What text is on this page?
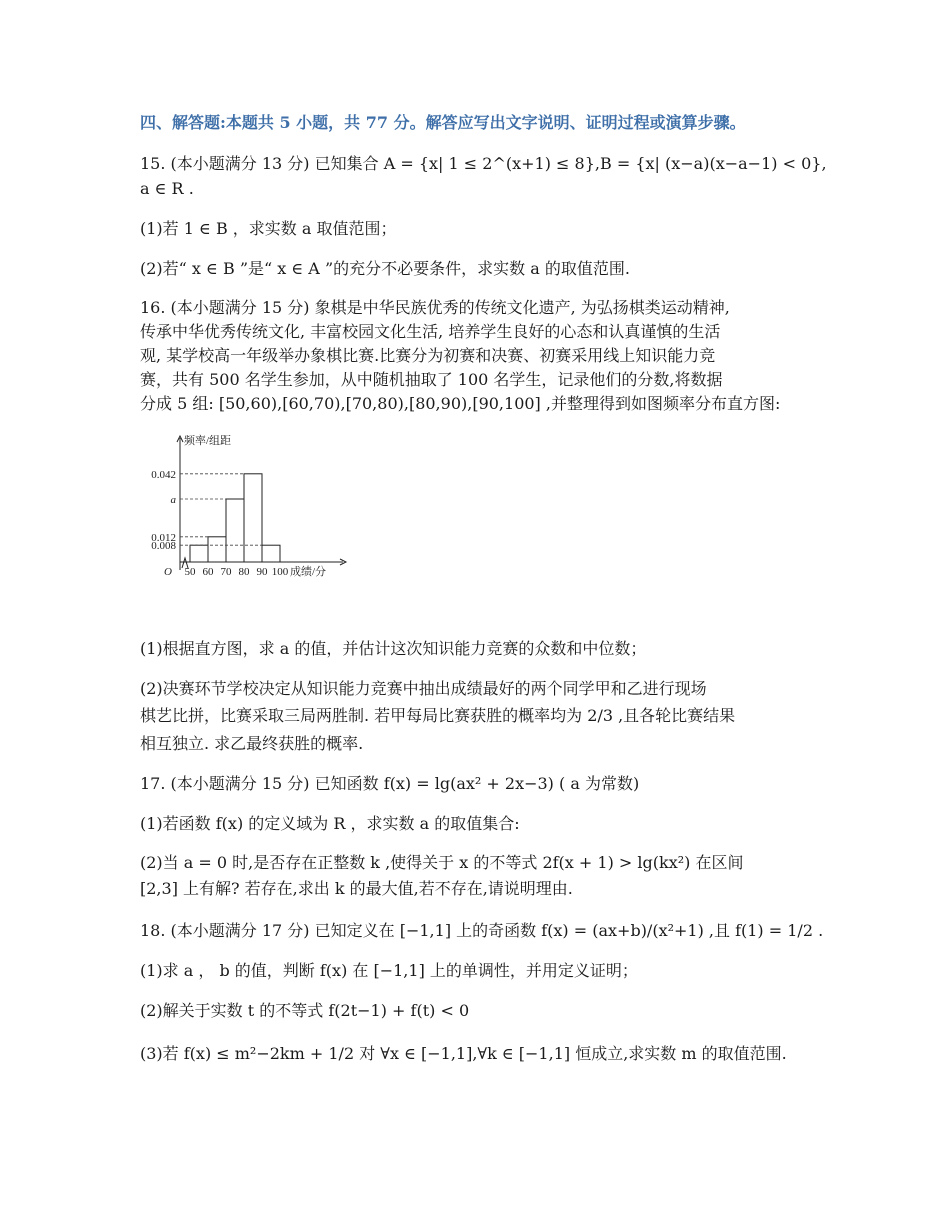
四、解答题:本题共 5 小题，共 77 分。解答应写出文字说明、证明过程或演算步骤。
15. (本小题满分 13 分) 已知集合 A = {x| 1 ≤ 2^(x+1) ≤ 8},B = {x| (x−a)(x−a−1) < 0},
a ∈ R .
(1)若 1 ∈ B ，求实数 a 取值范围；
(2)若“ x ∈ B ”是“ x ∈ A ”的充分不必要条件，求实数 a 的取值范围.
16. (本小题满分 15 分) 象棋是中华民族优秀的传统文化遗产, 为弘扬棋类运动精神,
传承中华优秀传统文化, 丰富校园文化生活, 培养学生良好的心态和认真谨慎的生活
观, 某学校高一年级举办象棋比赛.比赛分为初赛和决赛、初赛采用线上知识能力竞
赛，共有 500 名学生参加，从中随机抽取了 100 名学生，记录他们的分数,将数据
分成 5 组: [50,60),[60,70),[70,80),[80,90),[90,100] ,并整理得到如图频率分布直方图:
0.008
0.012
a
0.042
50 60 70 80 90 100
频率/组距
成绩/分
O
(1)根据直方图，求 a 的值，并估计这次知识能力竞赛的众数和中位数；
(2)决赛环节学校决定从知识能力竞赛中抽出成绩最好的两个同学甲和乙进行现场
棋艺比拼，比赛采取三局两胜制. 若甲每局比赛获胜的概率均为 2/3 ,且各轮比赛结果
相互独立. 求乙最终获胜的概率.
17. (本小题满分 15 分) 已知函数 f(x) = lg(ax² + 2x−3) ( a 为常数)
(1)若函数 f(x) 的定义域为 R ，求实数 a 的取值集合:
(2)当 a = 0 时,是否存在正整数 k ,使得关于 x 的不等式 2f(x + 1) > lg(kx²) 在区间
[2,3] 上有解? 若存在,求出 k 的最大值,若不存在,请说明理由.
18. (本小题满分 17 分) 已知定义在 [−1,1] 上的奇函数 f(x) = (ax+b)/(x²+1) ,且 f(1) = 1/2 .
(1)求 a ， b 的值，判断 f(x) 在 [−1,1] 上的单调性，并用定义证明；
(2)解关于实数 t 的不等式 f(2t−1) + f(t) < 0
(3)若 f(x) ≤ m²−2km + 1/2 对 ∀x ∈ [−1,1],∀k ∈ [−1,1] 恒成立,求实数 m 的取值范围.
